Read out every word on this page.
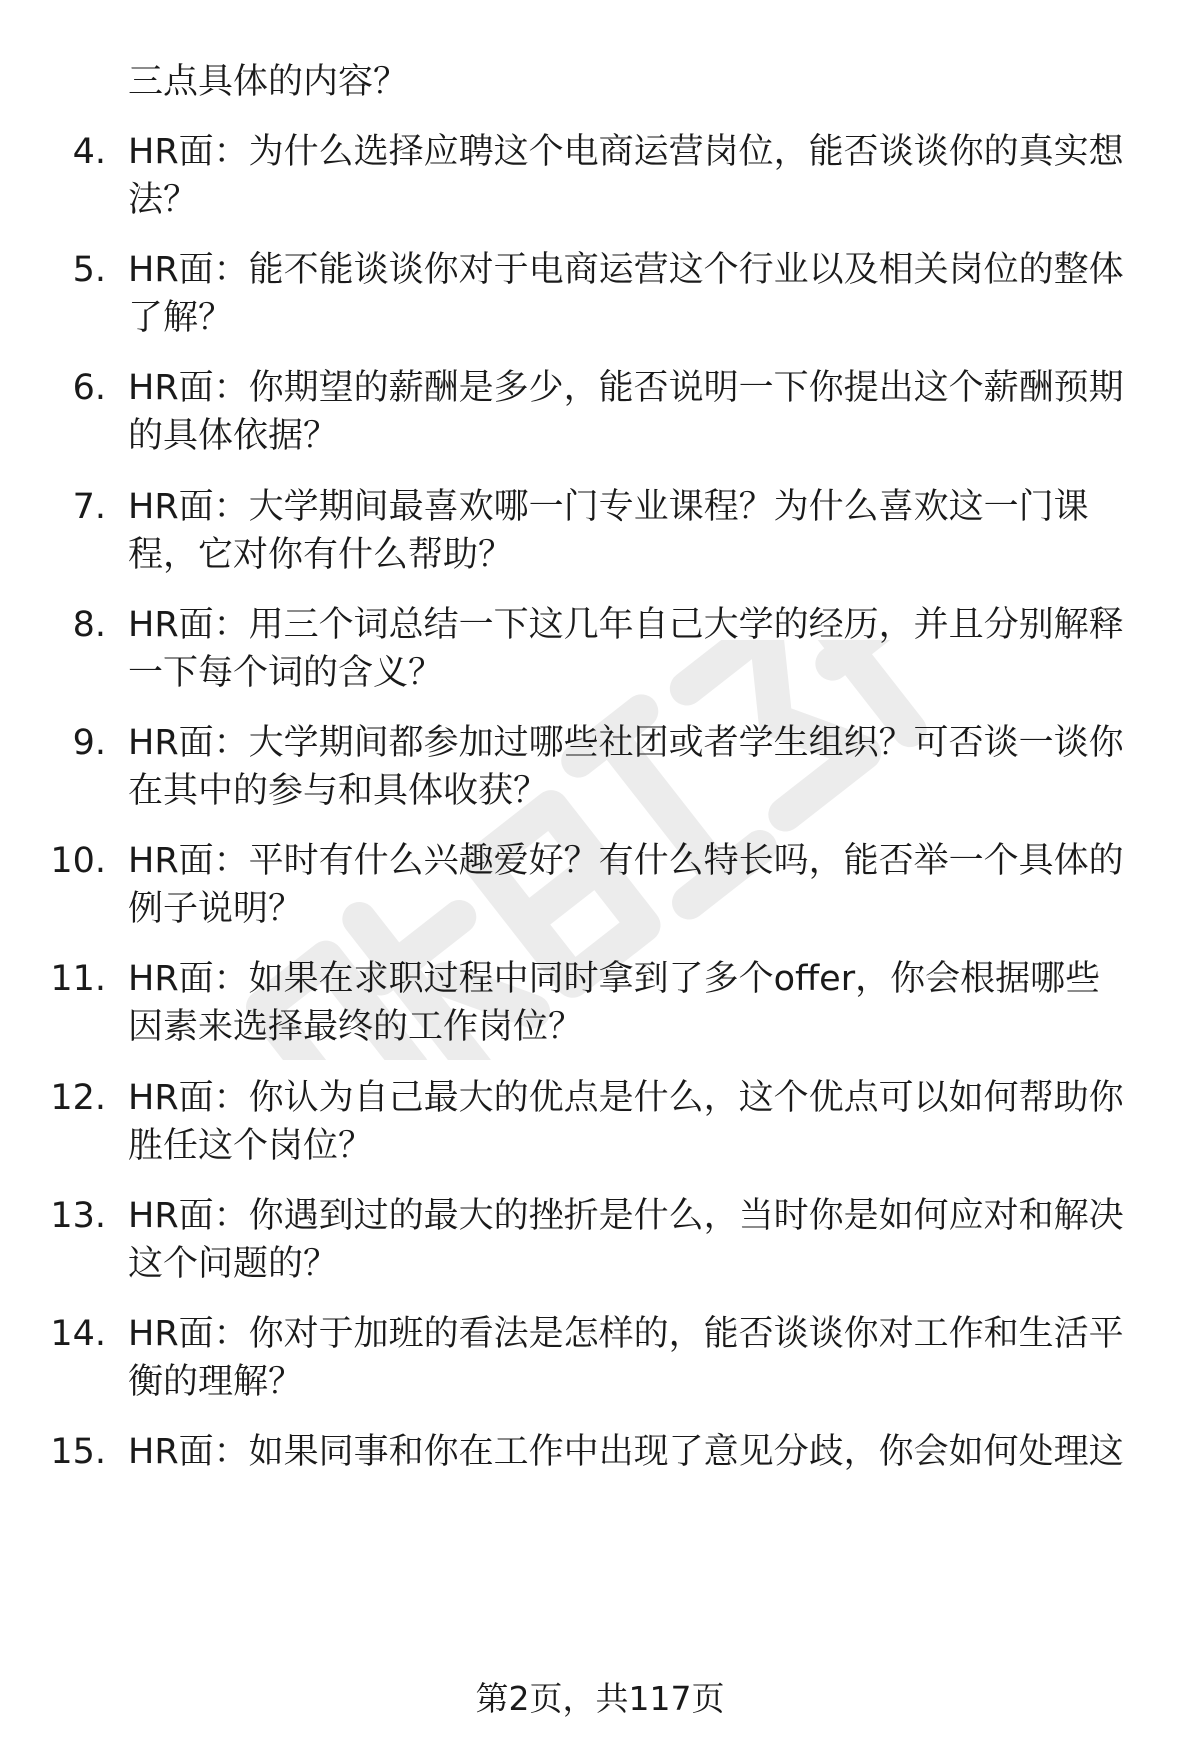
三点具体的内容？
4. HR面：为什么选择应聘这个电商运营岗位，能否谈谈你的真实想
法？
5. HR面：能不能谈谈你对于电商运营这个行业以及相关岗位的整体
了解？
6. HR面：你期望的薪酬是多少，能否说明一下你提出这个薪酬预期
的具体依据？
7. HR面：大学期间最喜欢哪一门专业课程？为什么喜欢这一门课
程，它对你有什么帮助？
8. HR面：用三个词总结一下这几年自己大学的经历，并且分别解释
一下每个词的含义？
9. HR面：大学期间都参加过哪些社团或者学生组织？可否谈一谈你
在其中的参与和具体收获？
10. HR面：平时有什么兴趣爱好？有什么特长吗，能否举一个具体的
例子说明？
11. HR面：如果在求职过程中同时拿到了多个offer，你会根据哪些
因素来选择最终的工作岗位？
12. HR面：你认为自己最大的优点是什么，这个优点可以如何帮助你
胜任这个岗位？
13. HR面：你遇到过的最大的挫折是什么，当时你是如何应对和解决
这个问题的？
14. HR面：你对于加班的看法是怎样的，能否谈谈你对工作和生活平
衡的理解？
15. HR面：如果同事和你在工作中出现了意见分歧，你会如何处理这
第2页，共117页
